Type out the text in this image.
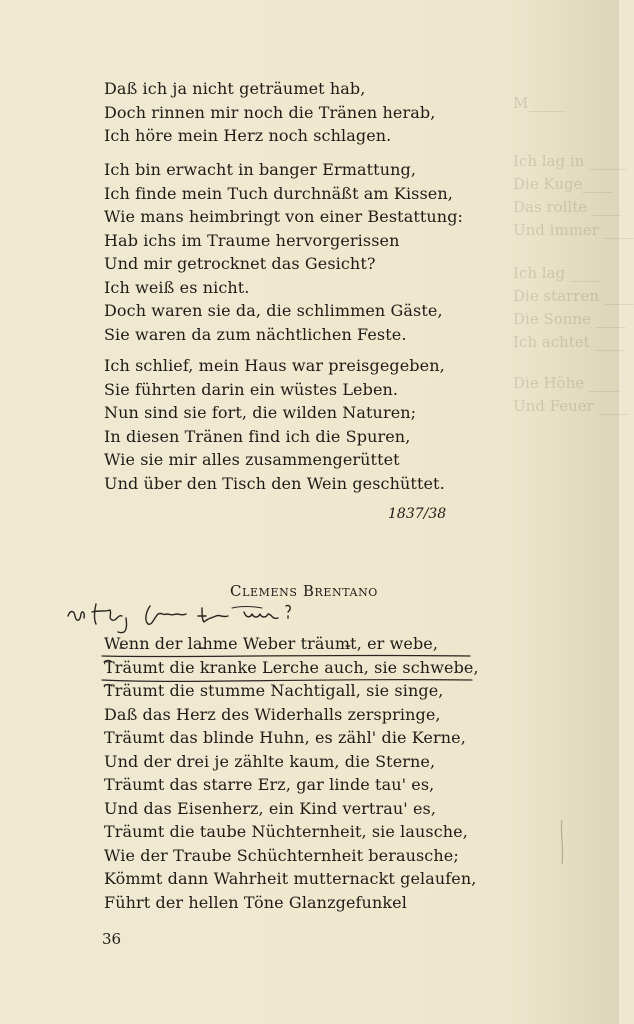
M_____
Ich lag in _____
Die Kuge____
Das rollte ____
Und immer ____
Ich lag ____
Die starren ____
Die Sonne ____
Ich achtet ____
Die Höhe ____
Und Feuer ____
Daß ich ja nicht geträumet hab,
Doch rinnen mir noch die Tränen herab,
Ich höre mein Herz noch schlagen.
Ich bin erwacht in banger Ermattung,
Ich finde mein Tuch durchnäßt am Kissen,
Wie mans heimbringt von einer Bestattung:
Hab ichs im Traume hervorgerissen
Und mir getrocknet das Gesicht?
Ich weiß es nicht.
Doch waren sie da, die schlimmen Gäste,
Sie waren da zum nächtlichen Feste.
Ich schlief, mein Haus war preisgegeben,
Sie führten darin ein wüstes Leben.
Nun sind sie fort, die wilden Naturen;
In diesen Tränen find ich die Spuren,
Wie sie mir alles zusammengerüttet
Und über den Tisch den Wein geschüttet.
1837/38
Clemens Brentano
Wenn der lahme Weber träumt, er webe,
Träumt die kranke Lerche auch, sie schwebe,
Träumt die stumme Nachtigall, sie singe,
Daß das Herz des Widerhalls zerspringe,
Träumt das blinde Huhn, es zähl' die Kerne,
Und der drei je zählte kaum, die Sterne,
Träumt das starre Erz, gar linde tau' es,
Und das Eisenherz, ein Kind vertrau' es,
Träumt die taube Nüchternheit, sie lausche,
Wie der Traube Schüchternheit berausche;
Kömmt dann Wahrheit mutternackt gelaufen,
Führt der hellen Töne Glanzgefunkel
36
